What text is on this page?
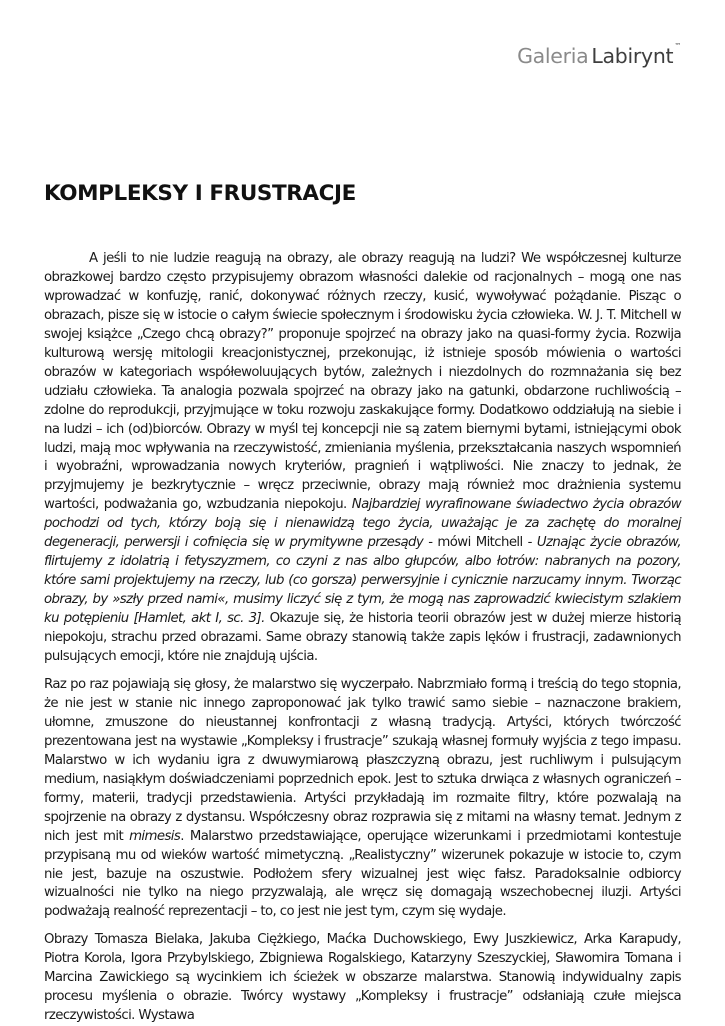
Galeria Labirynt™
KOMPLEKSY I FRUSTRACJE

A jeśli to nie ludzie reagują na obrazy, ale obrazy reagują na ludzi? We współczesnej kulturze obrazkowej bardzo często przypisujemy obrazom własności dalekie od racjonalnych – mogą one nas wprowadzać w konfuzję, ranić, dokonywać różnych rzeczy, kusić, wywoływać pożądanie. Pisząc o obrazach, pisze się w istocie o całym świecie społecznym i środowisku życia człowieka. W. J. T. Mitchell w swojej książce „Czego chcą obrazy?” proponuje spojrzeć na obrazy jako na quasi-formy życia. Rozwija kulturową wersję mitologii kreacjonistycznej, przekonując, iż istnieje sposób mówienia o wartości obrazów w kategoriach współewoluujących bytów, zależnych i niezdolnych do rozmnażania się bez udziału człowieka. Ta analogia pozwala spojrzeć na obrazy jako na gatunki, obdarzone ruchliwością – zdolne do reprodukcji, przyjmujące w toku rozwoju zaskakujące formy. Dodatkowo oddziałują na siebie i na ludzi – ich (od)biorców. Obrazy w myśl tej koncepcji nie są zatem biernymi bytami, istniejącymi obok ludzi, mają moc wpływania na rzeczywistość, zmieniania myślenia, przekształcania naszych wspomnień i wyobraźni, wprowadzania nowych kryteriów, pragnień i wątpliwości. Nie znaczy to jednak, że przyjmujemy je bezkrytycznie – wręcz przeciwnie, obrazy mają również moc drażnienia systemu wartości, podważania go, wzbudzania niepokoju. Najbardziej wyrafinowane świadectwo życia obrazów pochodzi od tych, którzy boją się i nienawidzą tego życia, uważając je za zachętę do moralnej degeneracji, perwersji i cofnięcia się w prymitywne przesądy - mówi Mitchell - Uznając życie obrazów, flirtujemy z idolatrią i fetyszyzmem, co czyni z nas albo głupców, albo łotrów: nabranych na pozory, które sami projektujemy na rzeczy, lub (co gorsza) perwersyjnie i cynicznie narzucamy innym. Tworząc obrazy, by »szły przed nami«, musimy liczyć się z tym, że mogą nas zaprowadzić kwiecistym szlakiem ku potępieniu [Hamlet, akt I, sc. 3]. Okazuje się, że historia teorii obrazów jest w dużej mierze historią niepokoju, strachu przed obrazami. Same obrazy stanowią także zapis lęków i frustracji, zadawnionych pulsujących emocji, które nie znajdują ujścia.

Raz po raz pojawiają się głosy, że malarstwo się wyczerpało. Nabrzmiało formą i treścią do tego stopnia, że nie jest w stanie nic innego zaproponować jak tylko trawić samo siebie – naznaczone brakiem, ułomne, zmuszone do nieustannej konfrontacji z własną tradycją. Artyści, których twórczość prezentowana jest na wystawie „Kompleksy i frustracje” szukają własnej formuły wyjścia z tego impasu. Malarstwo w ich wydaniu igra z dwuwymiarową płaszczyzną obrazu, jest ruchliwym i pulsującym medium, nasiąkłym doświadczeniami poprzednich epok. Jest to sztuka drwiąca z własnych ograniczeń – formy, materii, tradycji przedstawienia. Artyści przykładają im rozmaite filtry, które pozwalają na spojrzenie na obrazy z dystansu. Współczesny obraz rozprawia się z mitami na własny temat. Jednym z nich jest mit mimesis. Malarstwo przedstawiające, operujące wizerunkami i przedmiotami kontestuje przypisaną mu od wieków wartość mimetyczną. „Realistyczny” wizerunek pokazuje w istocie to, czym nie jest, bazuje na oszustwie. Podłożem sfery wizualnej jest więc fałsz. Paradoksalnie odbiorcy wizualności nie tylko na niego przyzwalają, ale wręcz się domagają wszechobecnej iluzji. Artyści podważają realność reprezentacji – to, co jest nie jest tym, czym się wydaje.

Obrazy Tomasza Bielaka, Jakuba Ciężkiego, Maćka Duchowskiego, Ewy Juszkiewicz, Arka Karapudy, Piotra Korola, Igora Przybylskiego, Zbigniewa Rogalskiego, Katarzyny Szeszyckiej, Sławomira Tomana i Marcina Zawickiego są wycinkiem ich ścieżek w obszarze malarstwa. Stanowią indywidualny zapis procesu myślenia o obrazie. Twórcy wystawy „Kompleksy i frustracje” odsłaniają czułe miejsca rzeczywistości. Wystawa
